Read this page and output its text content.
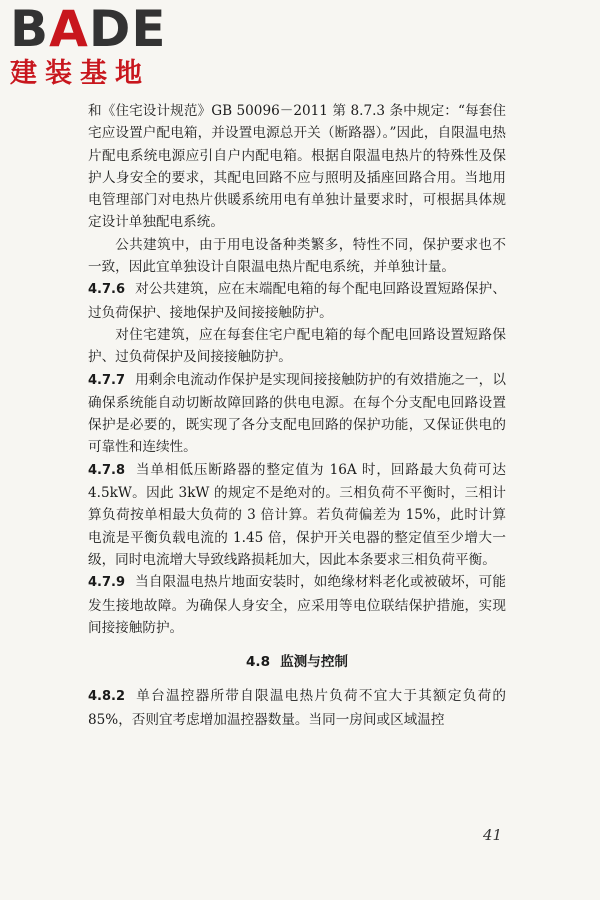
BADE
建装基地

和《住宅设计规范》GB 50096－2011 第 8.7.3 条中规定：“每套住宅应设置户配电箱，并设置电源总开关（断路器）。”因此，自限温电热片配电系统电源应引自户内配电箱。根据自限温电热片的特殊性及保护人身安全的要求，其配电回路不应与照明及插座回路合用。当地用电管理部门对电热片供暖系统用电有单独计量要求时，可根据具体规定设计单独配电系统。

公共建筑中，由于用电设备种类繁多，特性不同，保护要求也不一致，因此宜单独设计自限温电热片配电系统，并单独计量。

4.7.6 对公共建筑，应在末端配电箱的每个配电回路设置短路保护、过负荷保护、接地保护及间接接触防护。

对住宅建筑，应在每套住宅户配电箱的每个配电回路设置短路保护、过负荷保护及间接接触防护。

4.7.7 用剩余电流动作保护是实现间接接触防护的有效措施之一，以确保系统能自动切断故障回路的供电电源。在每个分支配电回路设置保护是必要的，既实现了各分支配电回路的保护功能，又保证供电的可靠性和连续性。

4.7.8 当单相低压断路器的整定值为 16A 时，回路最大负荷可达 4.5kW。因此 3kW 的规定不是绝对的。三相负荷不平衡时，三相计算负荷按单相最大负荷的 3 倍计算。若负荷偏差为 15%，此时计算电流是平衡负载电流的 1.45 倍，保护开关电器的整定值至少增大一级，同时电流增大导致线路损耗加大，因此本条要求三相负荷平衡。

4.7.9 当自限温电热片地面安装时，如绝缘材料老化或被破坏，可能发生接地故障。为确保人身安全，应采用等电位联结保护措施，实现间接接触防护。

4.8 监测与控制

4.8.2 单台温控器所带自限温电热片负荷不宜大于其额定负荷的 85%，否则宜考虑增加温控器数量。当同一房间或区域温控

41
